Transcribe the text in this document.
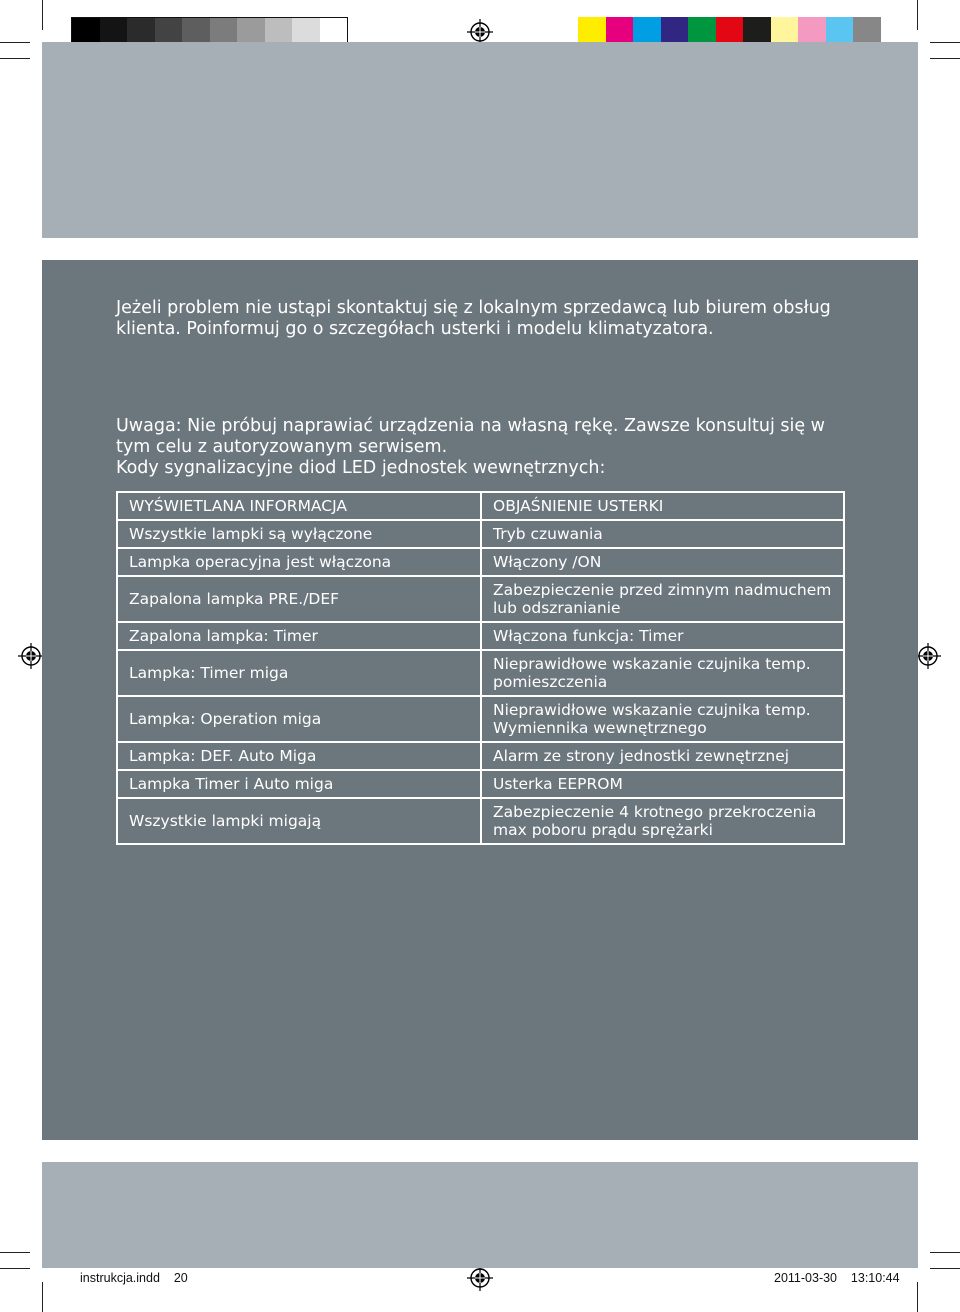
Jeżeli problem nie ustąpi skontaktuj się z lokalnym sprzedawcą lub biurem obsług

klienta. Poinformuj go o szczegółach usterki i modelu klimatyzatora.

Uwaga: Nie próbuj naprawiać urządzenia na własną rękę. Zawsze konsultuj się w

tym celu z autoryzowanym serwisem.

Kody sygnalizacyjne diod LED jednostek wewnętrznych:

WYŚWIETLANA INFORMACJA	OBJAŚNIENIE USTERKI
Wszystkie lampki są wyłączone	Tryb czuwania
Lampka operacyjna jest włączona	Włączony /ON
Zapalona lampka PRE./DEF	Zabezpieczenie przed zimnym nadmuchem lub odszranianie
Zapalona lampka: Timer	Włączona funkcja: Timer
Lampka: Timer miga	Nieprawidłowe wskazanie czujnika temp. pomieszczenia
Lampka: Operation miga	Nieprawidłowe wskazanie czujnika temp. Wymiennika wewnętrznego
Lampka: DEF. Auto Miga	Alarm ze strony jednostki zewnętrznej
Lampka Timer i Auto miga	Usterka EEPROM
Wszystkie lampki migają	Zabezpieczenie 4 krotnego przekroczenia max poboru prądu sprężarki
instrukcja.indd 20	2011-03-30 13:10:44
